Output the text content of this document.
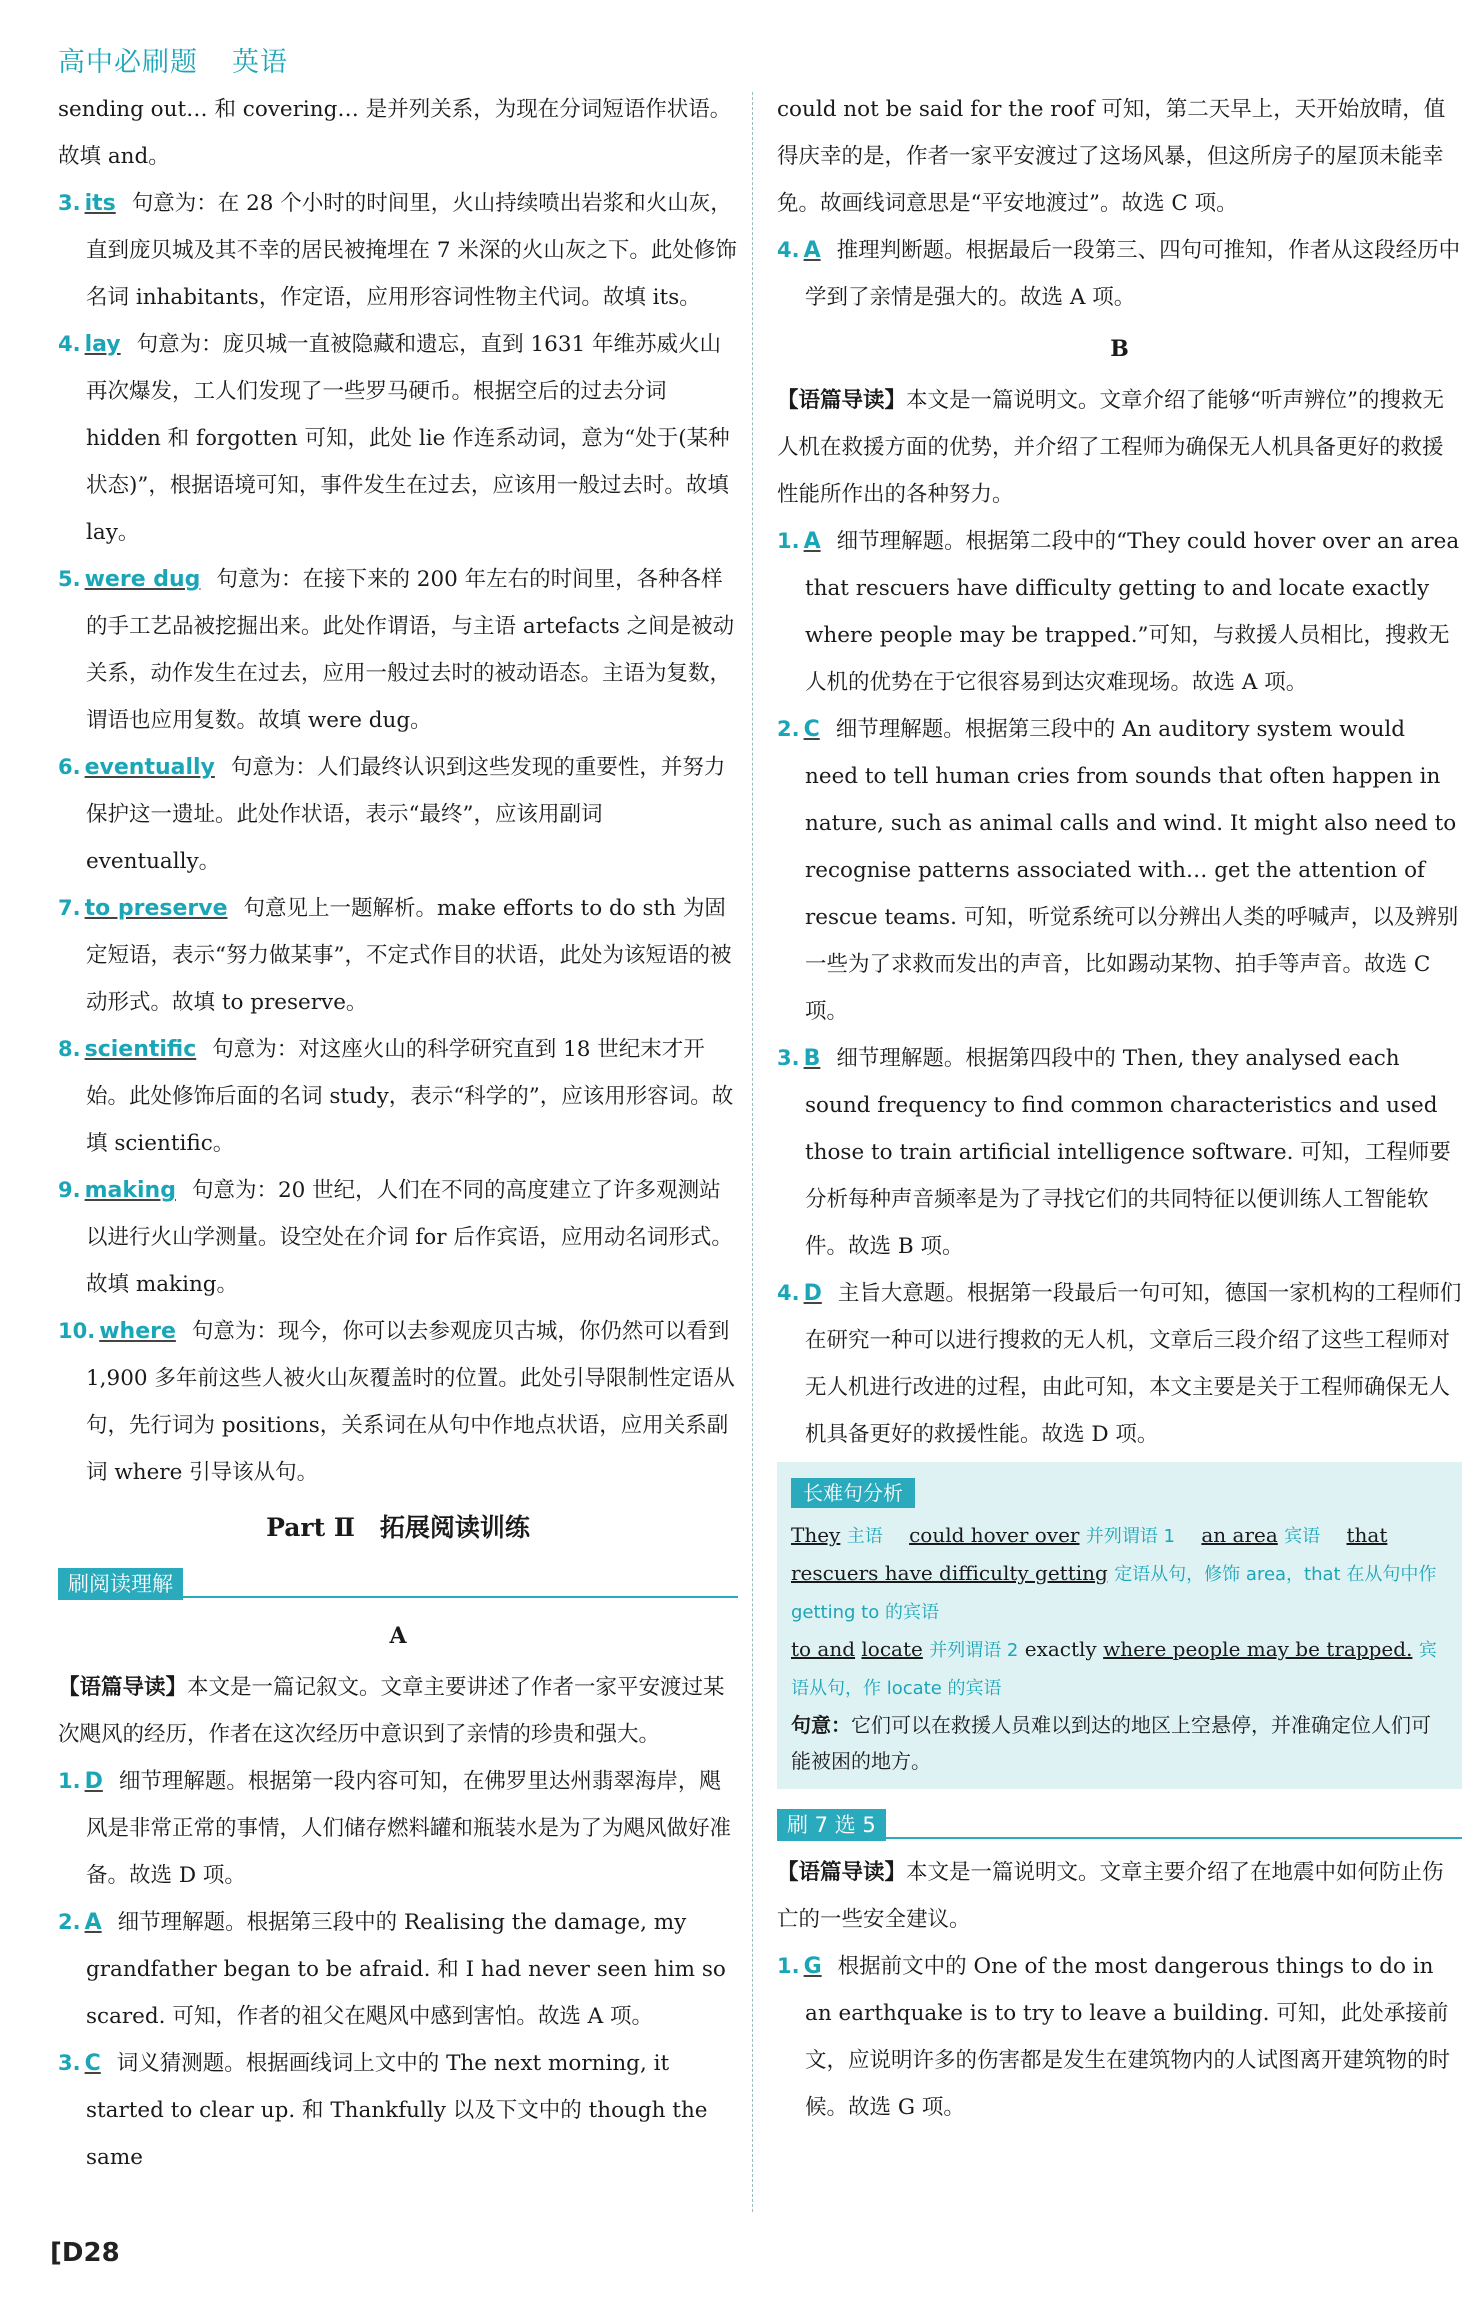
高中必刷题 英语

sending out… 和 covering… 是并列关系，为现在分词短语作状语。故填 and。

3. its 句意为：在 28 个小时的时间里，火山持续喷出岩浆和火山灰，直到庞贝城及其不幸的居民被掩埋在 7 米深的火山灰之下。此处修饰名词 inhabitants，作定语，应用形容词性物主代词。故填 its。

4. lay 句意为：庞贝城一直被隐藏和遗忘，直到 1631 年维苏威火山再次爆发，工人们发现了一些罗马硬币。根据空后的过去分词 hidden 和 forgotten 可知，此处 lie 作连系动词，意为“处于(某种状态)”，根据语境可知，事件发生在过去，应该用一般过去时。故填 lay。

5. were dug 句意为：在接下来的 200 年左右的时间里，各种各样的手工艺品被挖掘出来。此处作谓语，与主语 artefacts 之间是被动关系，动作发生在过去，应用一般过去时的被动语态。主语为复数，谓语也应用复数。故填 were dug。

6. eventually 句意为：人们最终认识到这些发现的重要性，并努力保护这一遗址。此处作状语，表示“最终”，应该用副词 eventually。

7. to preserve 句意见上一题解析。make efforts to do sth 为固定短语，表示“努力做某事”，不定式作目的状语，此处为该短语的被动形式。故填 to preserve。

8. scientific 句意为：对这座火山的科学研究直到 18 世纪末才开始。此处修饰后面的名词 study，表示“科学的”，应该用形容词。故填 scientific。

9. making 句意为：20 世纪，人们在不同的高度建立了许多观测站以进行火山学测量。设空处在介词 for 后作宾语，应用动名词形式。故填 making。

10. where 句意为：现今，你可以去参观庞贝古城，你仍然可以看到 1,900 多年前这些人被火山灰覆盖时的位置。此处引导限制性定语从句，先行词为 positions，关系词在从句中作地点状语，应用关系副词 where 引导该从句。

Part Ⅱ　拓展阅读训练

刷阅读理解

A

【语篇导读】本文是一篇记叙文。文章主要讲述了作者一家平安渡过某次飓风的经历，作者在这次经历中意识到了亲情的珍贵和强大。

1. D 细节理解题。根据第一段内容可知，在佛罗里达州翡翠海岸，飓风是非常正常的事情，人们储存燃料罐和瓶装水是为了为飓风做好准备。故选 D 项。

2. A 细节理解题。根据第三段中的 Realising the damage, my grandfather began to be afraid. 和 I had never seen him so scared. 可知，作者的祖父在飓风中感到害怕。故选 A 项。

3. C 词义猜测题。根据画线词上文中的 The next morning, it started to clear up. 和 Thankfully 以及下文中的 though the same

could not be said for the roof 可知，第二天早上，天开始放晴，值得庆幸的是，作者一家平安渡过了这场风暴，但这所房子的屋顶未能幸免。故画线词意思是“平安地渡过”。故选 C 项。

4. A 推理判断题。根据最后一段第三、四句可推知，作者从这段经历中学到了亲情是强大的。故选 A 项。

B

【语篇导读】本文是一篇说明文。文章介绍了能够“听声辨位”的搜救无人机在救援方面的优势，并介绍了工程师为确保无人机具备更好的救援性能所作出的各种努力。

1. A 细节理解题。根据第二段中的“They could hover over an area that rescuers have difficulty getting to and locate exactly where people may be trapped.”可知，与救援人员相比，搜救无人机的优势在于它很容易到达灾难现场。故选 A 项。

2. C 细节理解题。根据第三段中的 An auditory system would need to tell human cries from sounds that often happen in nature, such as animal calls and wind. It might also need to recognise patterns associated with… get the attention of rescue teams. 可知，听觉系统可以分辨出人类的呼喊声，以及辨别一些为了求救而发出的声音，比如踢动某物、拍手等声音。故选 C 项。

3. B 细节理解题。根据第四段中的 Then, they analysed each sound frequency to find common characteristics and used those to train artificial intelligence software. 可知，工程师要分析每种声音频率是为了寻找它们的共同特征以便训练人工智能软件。故选 B 项。

4. D 主旨大意题。根据第一段最后一句可知，德国一家机构的工程师们在研究一种可以进行搜救的无人机，文章后三段介绍了这些工程师对无人机进行改进的过程，由此可知，本文主要是关于工程师确保无人机具备更好的救援性能。故选 D 项。

长难句分析
They 主语　 could hover over 并列谓语 1　 an area 宾语　 that rescuers have difficulty getting 定语从句，修饰 area，that 在从句中作 getting to 的宾语
to and locate 并列谓语 2 exactly where people may be trapped. 宾语从句，作 locate 的宾语
句意：它们可以在救援人员难以到达的地区上空悬停，并准确定位人们可能被困的地方。
刷 7 选 5

【语篇导读】本文是一篇说明文。文章主要介绍了在地震中如何防止伤亡的一些安全建议。

1. G 根据前文中的 One of the most dangerous things to do in an earthquake is to try to leave a building. 可知，此处承接前文，应说明许多的伤害都是发生在建筑物内的人试图离开建筑物的时候。故选 G 项。

[D28
